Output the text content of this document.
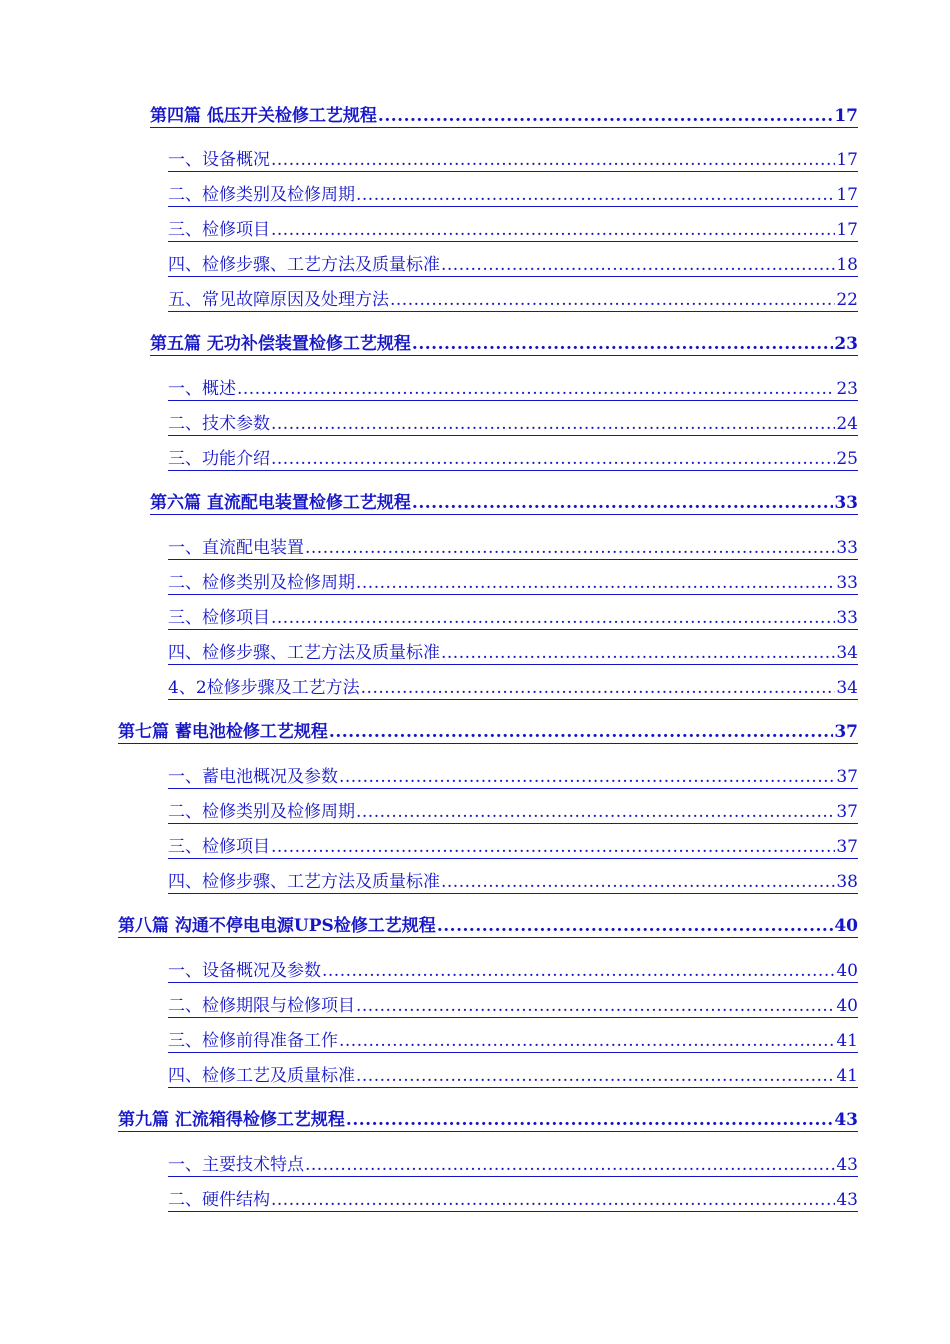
第四篇 低压开关检修工艺规程 .....	17
一、设备概况 .....	17
二、检修类别及检修周期 .....	17
三、检修项目 .....	17
四、检修步骤、工艺方法及质量标准 .....	18
五、常见故障原因及处理方法 .....	22
第五篇 无功补偿装置检修工艺规程 .....	23
一、概述 .....	23
二、技术参数 .....	24
三、功能介绍 .....	25
第六篇 直流配电装置检修工艺规程 .....	33
一、直流配电装置 .....	33
二、检修类别及检修周期 .....	33
三、检修项目 .....	33
四、检修步骤、工艺方法及质量标准 .....	34
4、2检修步骤及工艺方法 .....	34
第七篇 蓄电池检修工艺规程 .....	37
一、蓄电池概况及参数 .....	37
二、检修类别及检修周期 .....	37
三、检修项目 .....	37
四、检修步骤、工艺方法及质量标准 .....	38
第八篇 沟通不停电电源UPS检修工艺规程 .....	40
一、设备概况及参数 .....	40
二、检修期限与检修项目 .....	40
三、检修前得准备工作 .....	41
四、检修工艺及质量标准 .....	41
第九篇 汇流箱得检修工艺规程 .....	43
一、主要技术特点 .....	43
二、硬件结构 .....	43
